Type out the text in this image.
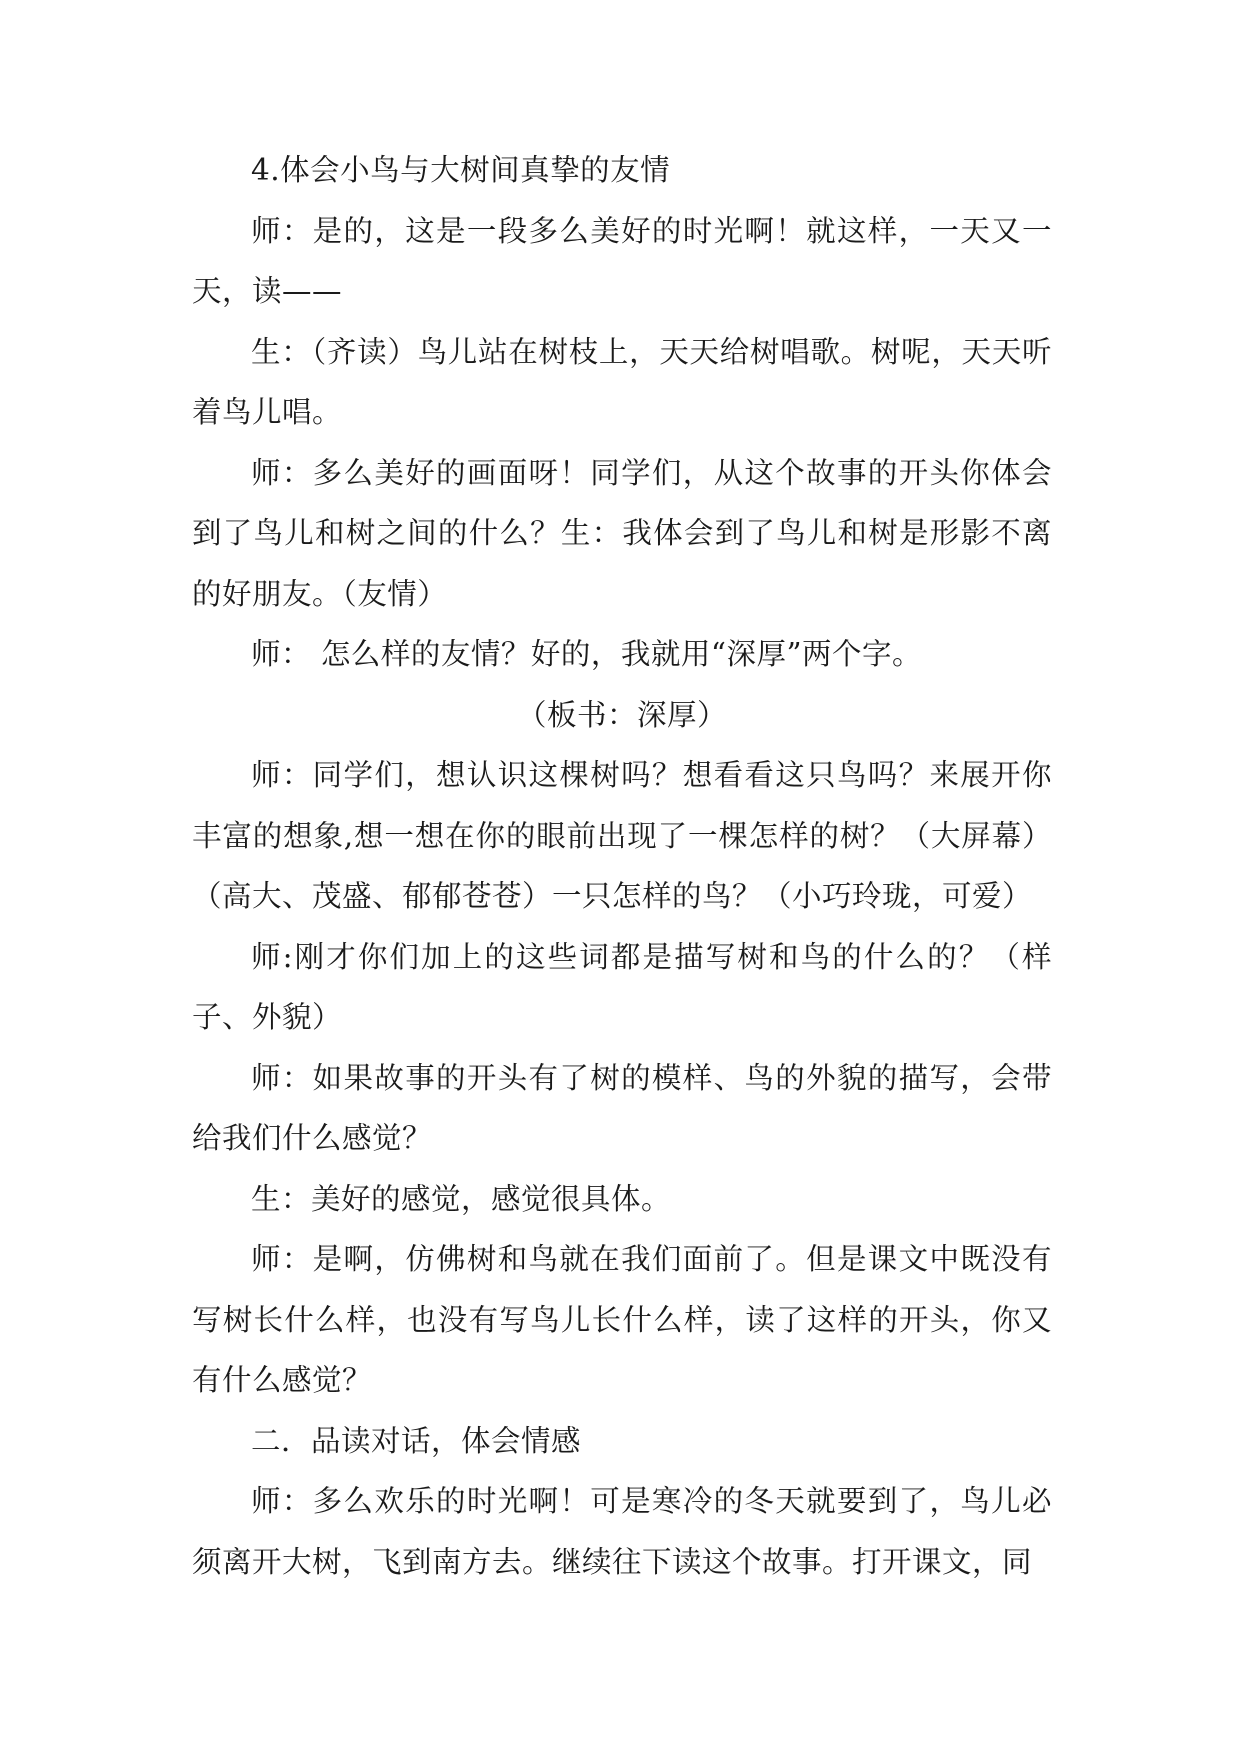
4.体会小鸟与大树间真挚的友情

师：是的，这是一段多么美好的时光啊！就这样，一天又一天，读——

生：（齐读）鸟儿站在树枝上，天天给树唱歌。树呢，天天听着鸟儿唱。

师：多么美好的画面呀！同学们，从这个故事的开头你体会到了鸟儿和树之间的什么？生：我体会到了鸟儿和树是形影不离的好朋友。（友情）

师： 怎么样的友情？好的，我就用“深厚”两个字。

（板书：深厚）

师：同学们，想认识这棵树吗？想看看这只鸟吗？来展开你丰富的想象,想一想在你的眼前出现了一棵怎样的树？（大屏幕）（高大、茂盛、郁郁苍苍）一只怎样的鸟？（小巧玲珑，可爱）

师:刚才你们加上的这些词都是描写树和鸟的什么的？（样子、外貌）

师：如果故事的开头有了树的模样、鸟的外貌的描写，会带给我们什么感觉？

生：美好的感觉，感觉很具体。

师：是啊，仿佛树和鸟就在我们面前了。但是课文中既没有写树长什么样，也没有写鸟儿长什么样，读了这样的开头，你又有什么感觉？

二．品读对话，体会情感

师：多么欢乐的时光啊！可是寒冷的冬天就要到了，鸟儿必须离开大树，飞到南方去。继续往下读这个故事。打开课文，同
